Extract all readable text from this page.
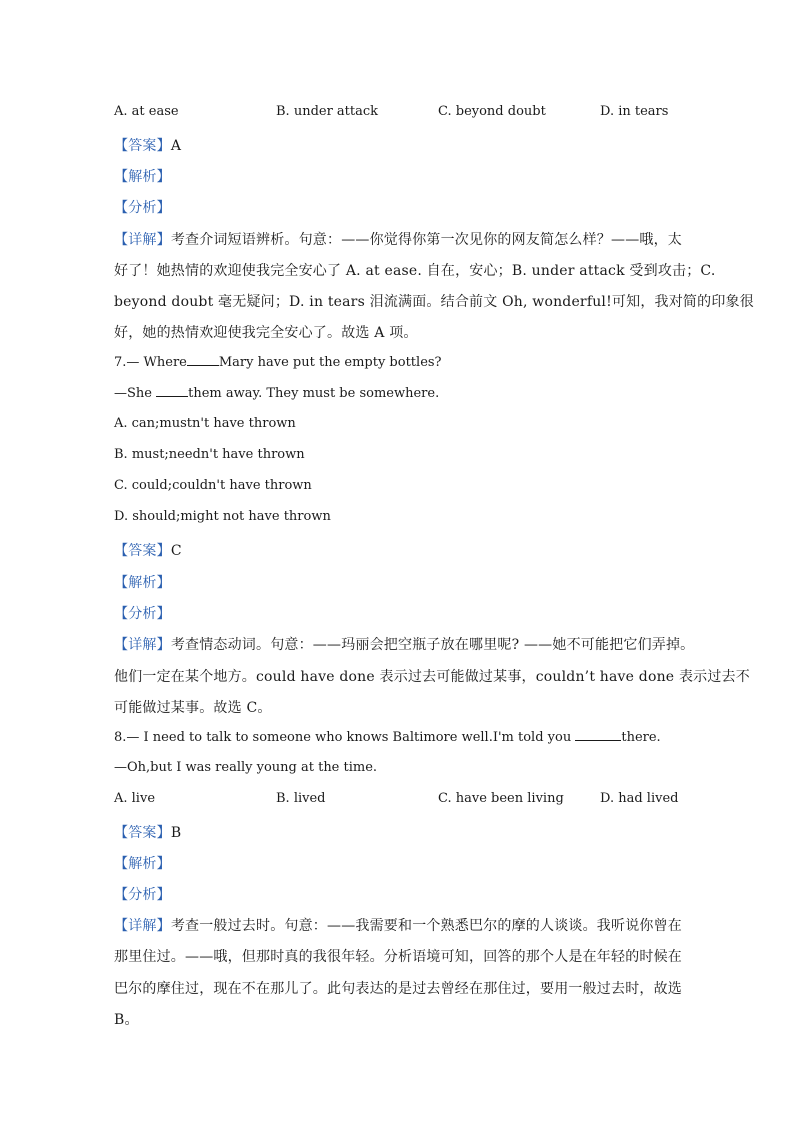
A. at ease	B. under attack	C. beyond doubt	D. in tears
【答案】A
【解析】
【分析】
【详解】考查介词短语辨析。句意：——你觉得你第一次见你的网友简怎么样？——哦，太
好了！她热情的欢迎使我完全安心了 A. at ease. 自在，安心；B. under attack 受到攻击；C.
beyond doubt 毫无疑问；D. in tears 泪流满面。结合前文 Oh, wonderful!可知，我对简的印象很
好，她的热情欢迎使我完全安心了。故选 A 项。
7.— Where Mary have put the empty bottles?
—She them away. They must be somewhere.
A. can;mustn't have thrown
B. must;needn't have thrown
C. could;couldn't have thrown
D. should;might not have thrown
【答案】C
【解析】
【分析】
【详解】考查情态动词。句意：——玛丽会把空瓶子放在哪里呢? ——她不可能把它们弄掉。
他们一定在某个地方。could have done 表示过去可能做过某事，couldn’t have done 表示过去不
可能做过某事。故选 C。
8.— I need to talk to someone who knows Baltimore well.I'm told you	there.
—Oh,but I was really young at the time.
A. live	B. lived	C. have been living	D. had lived
【答案】B
【解析】
【分析】
【详解】考查一般过去时。句意：——我需要和一个熟悉巴尔的摩的人谈谈。我听说你曾在
那里住过。——哦，但那时真的我很年轻。分析语境可知，回答的那个人是在年轻的时候在
巴尔的摩住过，现在不在那儿了。此句表达的是过去曾经在那住过，要用一般过去时，故选
B。
